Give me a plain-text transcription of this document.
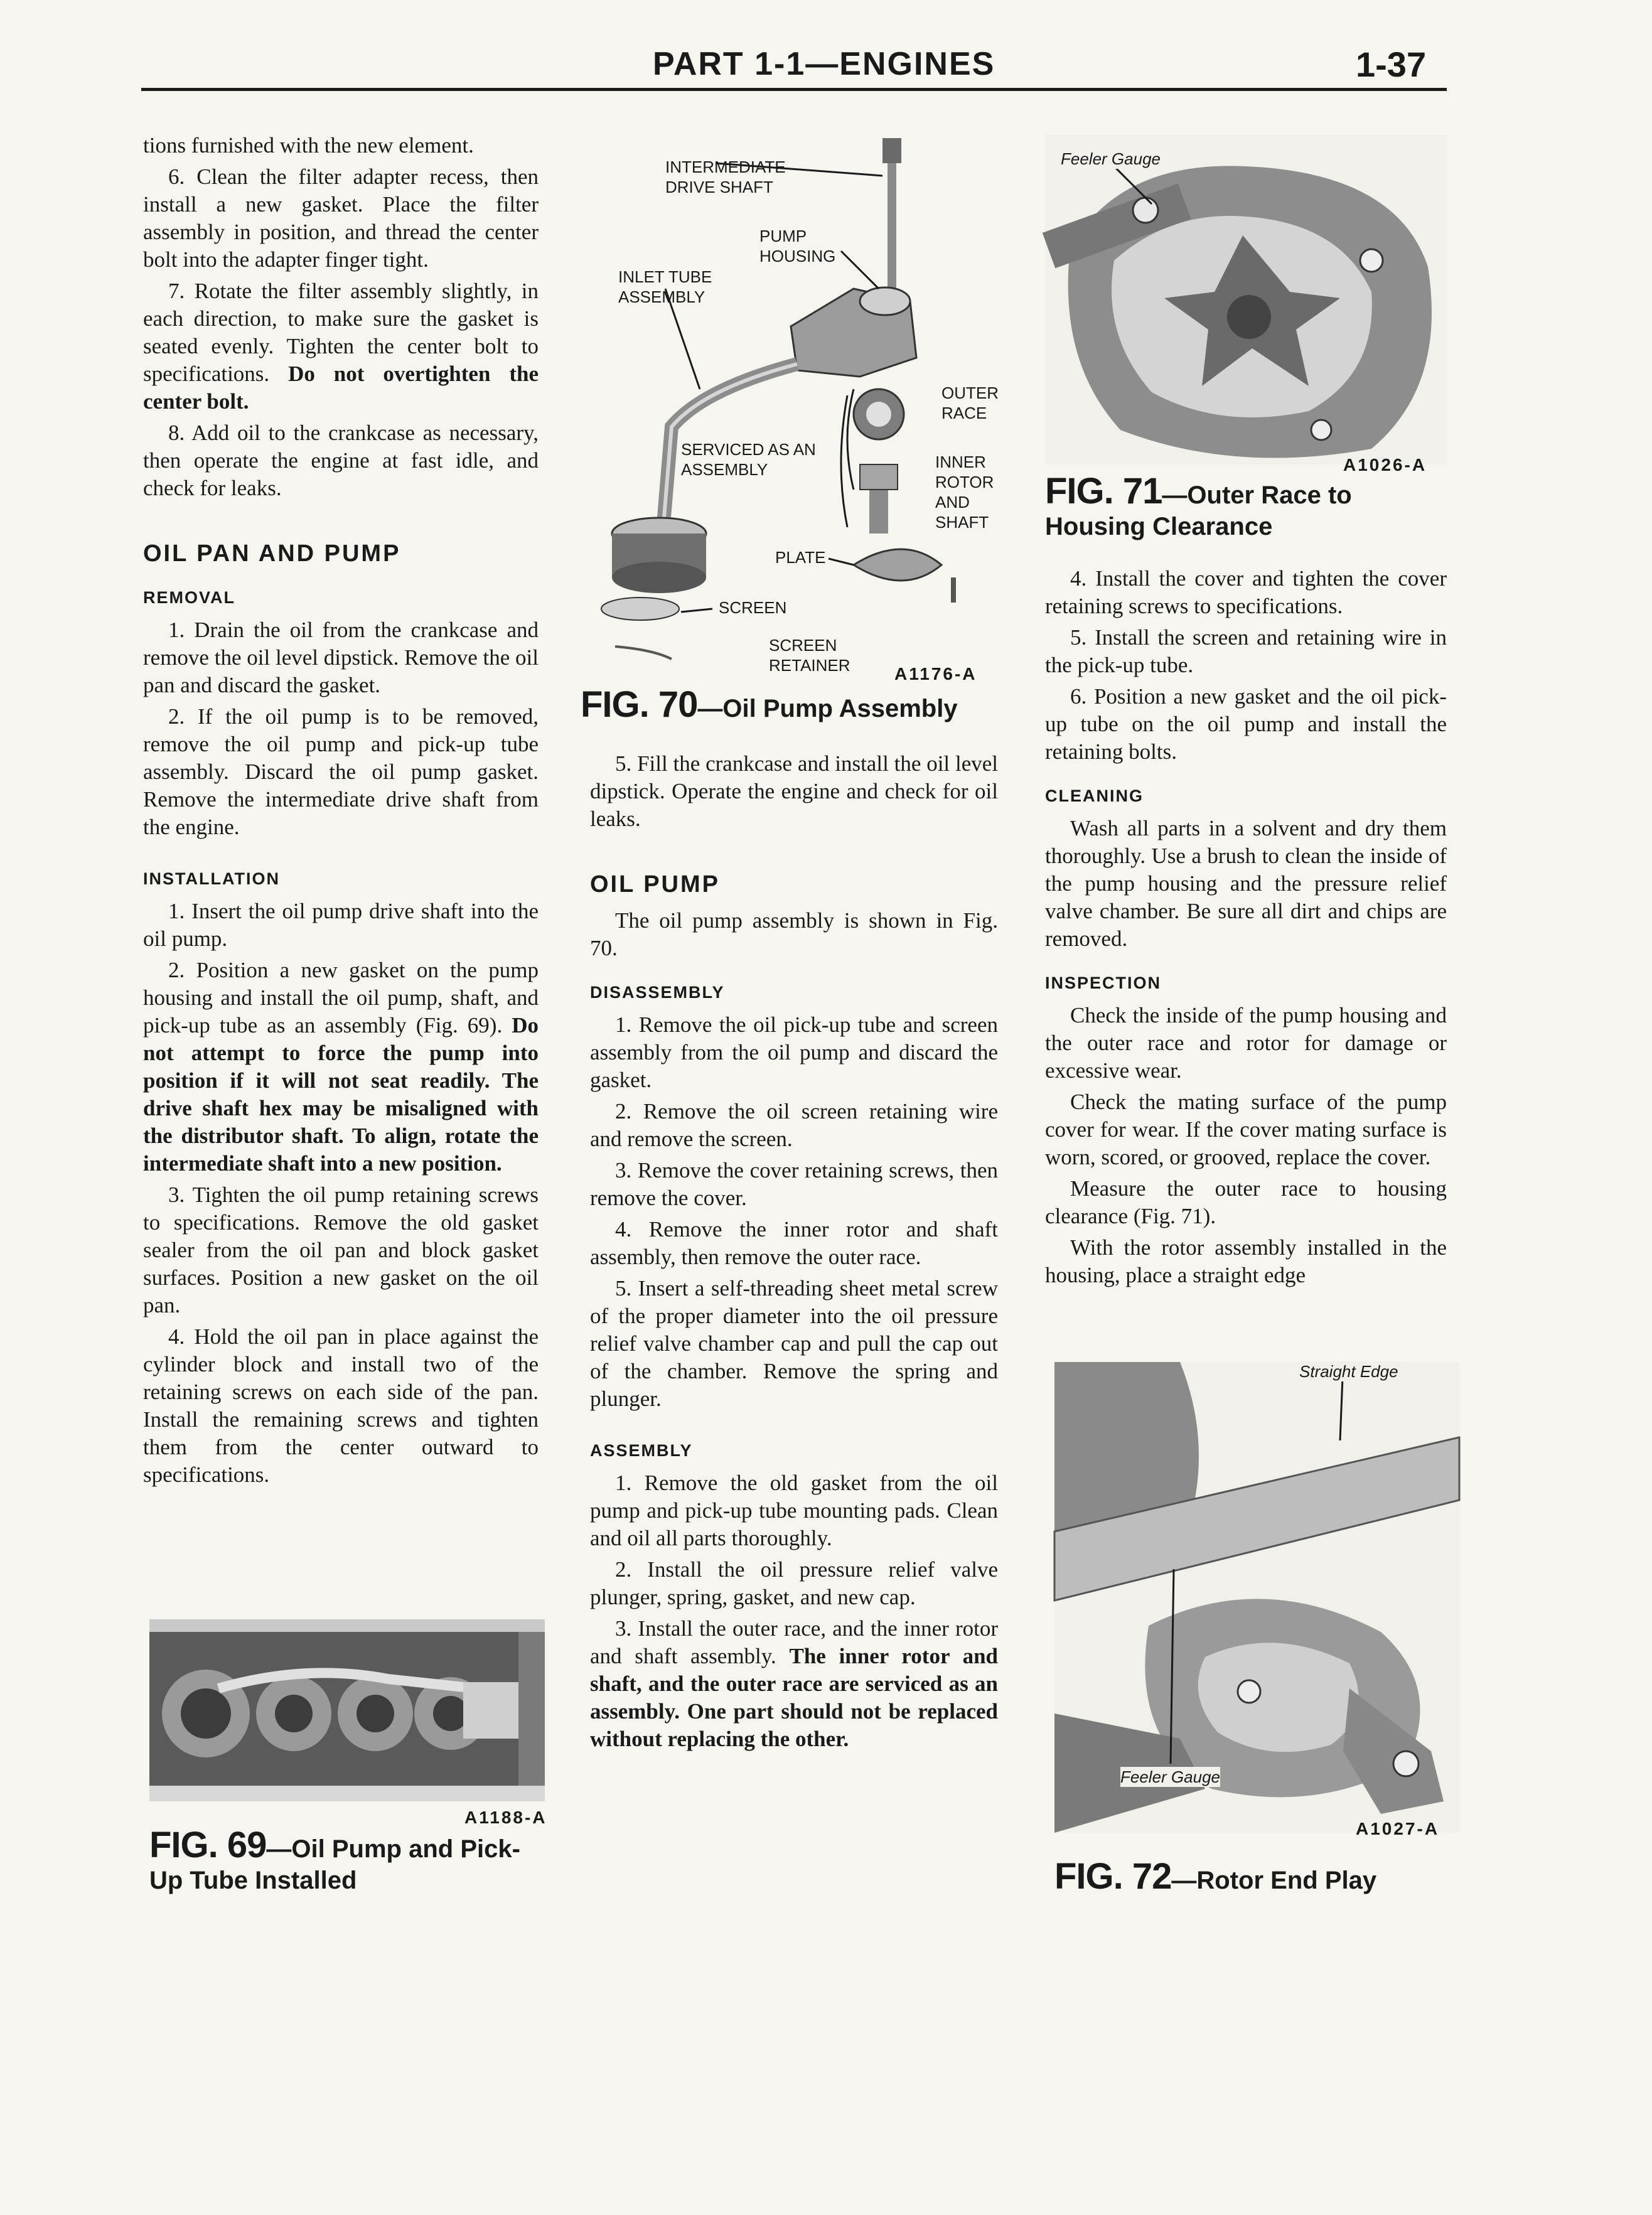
PART 1-1—ENGINES	1-37

tions furnished with the new element.

6. Clean the filter adapter recess, then install a new gasket. Place the filter assembly in position, and thread the center bolt into the adapter finger tight.

7. Rotate the filter assembly slightly, in each direction, to make sure the gasket is seated evenly. Tighten the center bolt to specifications. Do not overtighten the center bolt.

8. Add oil to the crankcase as necessary, then operate the engine at fast idle, and check for leaks.

OIL PAN AND PUMP
REMOVAL

1. Drain the oil from the crankcase and remove the oil level dipstick. Remove the oil pan and discard the gasket.

2. If the oil pump is to be removed, remove the oil pump and pick-up tube assembly. Discard the oil pump gasket. Remove the intermediate drive shaft from the engine.

INSTALLATION

1. Insert the oil pump drive shaft into the oil pump.

2. Position a new gasket on the pump housing and install the oil pump, shaft, and pick-up tube as an assembly (Fig. 69). Do not attempt to force the pump into position if it will not seat readily. The drive shaft hex may be misaligned with the distributor shaft. To align, rotate the intermediate shaft into a new position.

3. Tighten the oil pump retaining screws to specifications. Remove the old gasket sealer from the oil pan and block gasket surfaces. Position a new gasket on the oil pan.

4. Hold the oil pan in place against the cylinder block and install two of the retaining screws on each side of the pan. Install the remaining screws and tighten them from the center outward to specifications.

A1188-A
FIG. 69—Oil Pump and Pick-Up Tube Installed
INTERMEDIATE DRIVE SHAFT
PUMP HOUSING
INLET TUBE ASSEMBLY
OUTER RACE
SERVICED AS AN ASSEMBLY	INNER ROTOR AND SHAFT
PLATE
SCREEN
SCREEN RETAINER	A1176-A
FIG. 70—Oil Pump Assembly

5. Fill the crankcase and install the oil level dipstick. Operate the engine and check for oil leaks.

OIL PUMP

The oil pump assembly is shown in Fig. 70.

DISASSEMBLY

1. Remove the oil pick-up tube and screen assembly from the oil pump and discard the gasket.

2. Remove the oil screen retaining wire and remove the screen.

3. Remove the cover retaining screws, then remove the cover.

4. Remove the inner rotor and shaft assembly, then remove the outer race.

5. Insert a self-threading sheet metal screw of the proper diameter into the oil pressure relief valve chamber cap and pull the cap out of the chamber. Remove the spring and plunger.

ASSEMBLY

1. Remove the old gasket from the oil pump and pick-up tube mounting pads. Clean and oil all parts thoroughly.

2. Install the oil pressure relief valve plunger, spring, gasket, and new cap.

3. Install the outer race, and the inner rotor and shaft assembly. The inner rotor and shaft, and the outer race are serviced as an assembly. One part should not be replaced without replacing the other.

Feeler Gauge
A1026-A
FIG. 71—Outer Race to Housing Clearance

4. Install the cover and tighten the cover retaining screws to specifications.

5. Install the screen and retaining wire in the pick-up tube.

6. Position a new gasket and the oil pick-up tube on the oil pump and install the retaining bolts.

CLEANING

Wash all parts in a solvent and dry them thoroughly. Use a brush to clean the inside of the pump housing and the pressure relief valve chamber. Be sure all dirt and chips are removed.

INSPECTION

Check the inside of the pump housing and the outer race and rotor for damage or excessive wear.

Check the mating surface of the pump cover for wear. If the cover mating surface is worn, scored, or grooved, replace the cover.

Measure the outer race to housing clearance (Fig. 71).

With the rotor assembly installed in the housing, place a straight edge

Straight Edge
Feeler Gauge
A1027-A
FIG. 72—Rotor End Play
